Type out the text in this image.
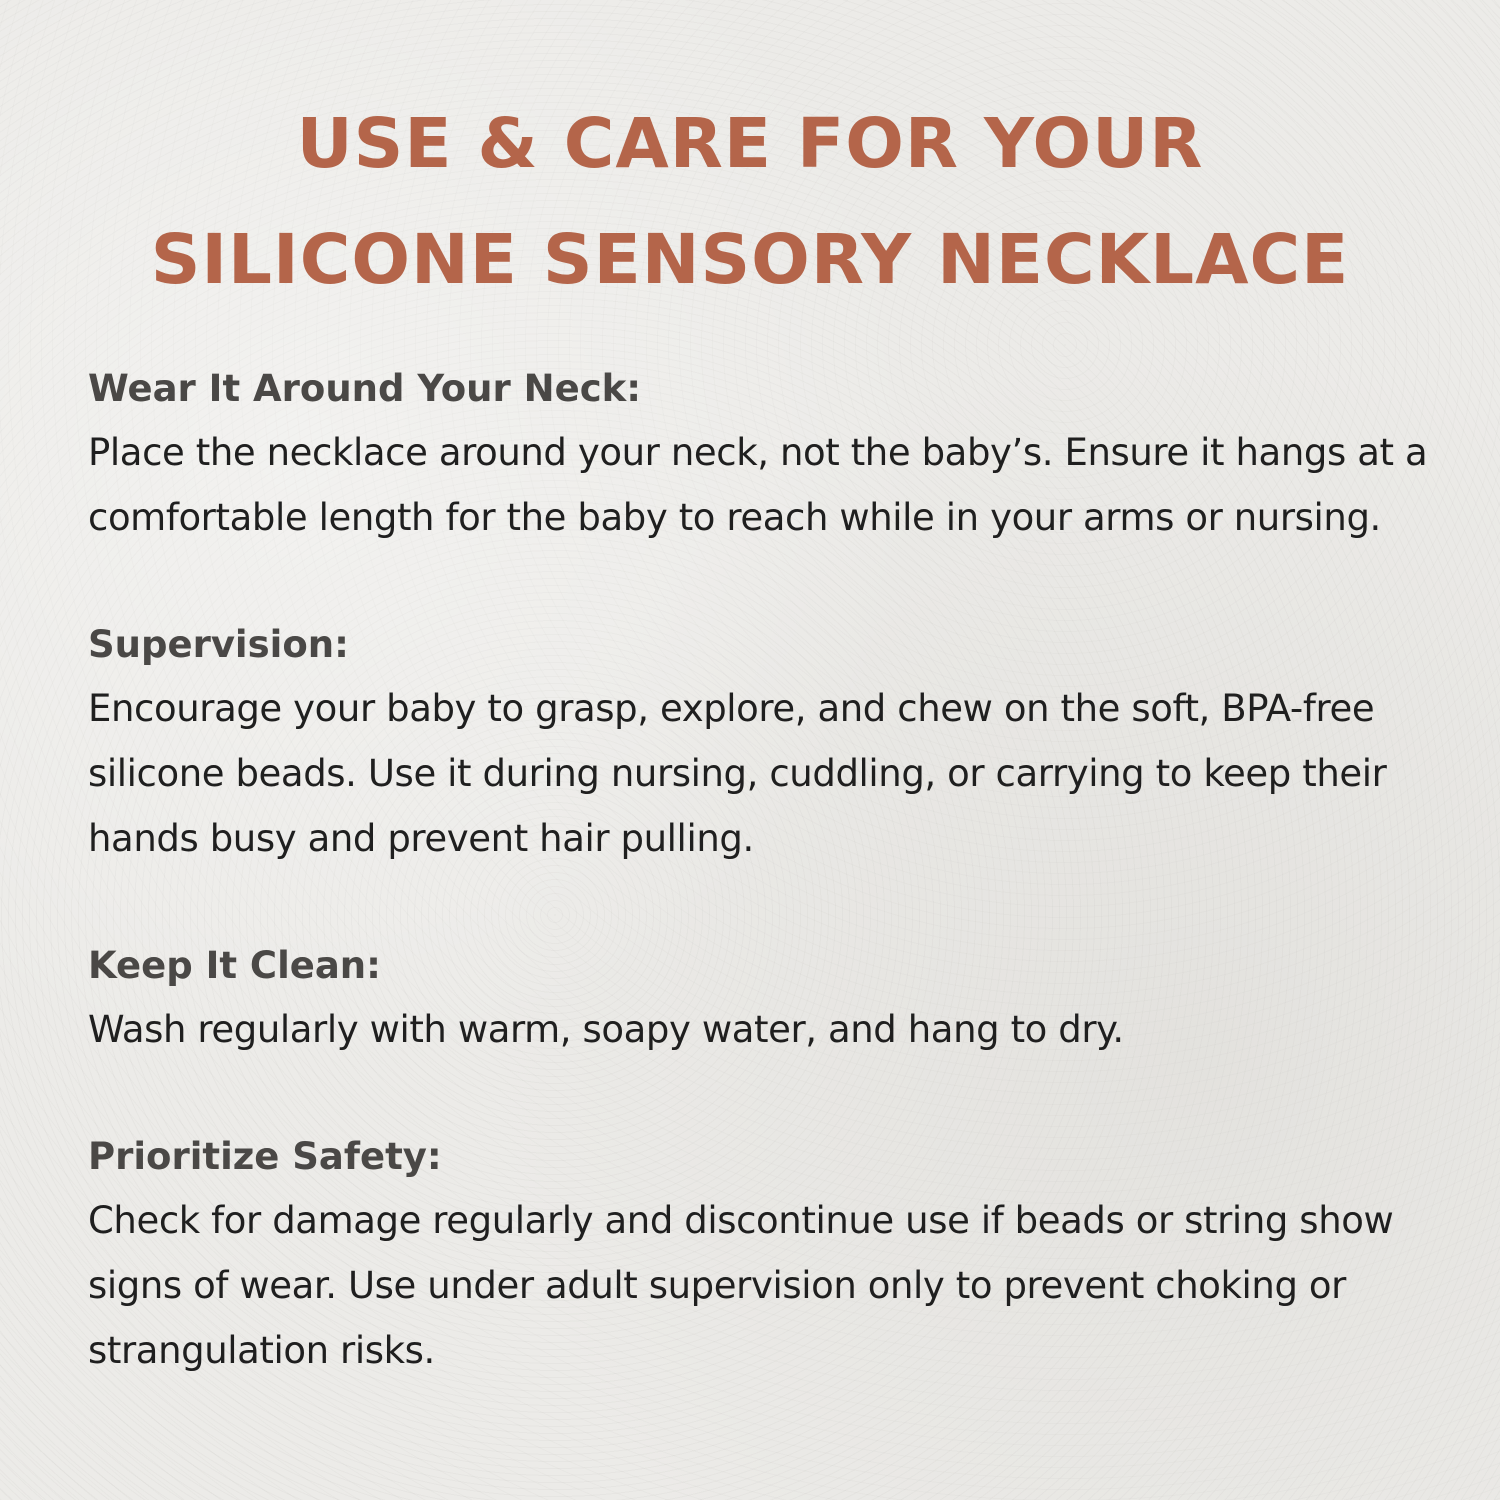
USE & CARE FOR YOUR
SILICONE SENSORY NECKLACE
Wear It Around Your Neck:
Place the necklace around your neck, not the baby’s. Ensure it hangs at a comfortable length for the baby to reach while in your arms or nursing.
Supervision:
Encourage your baby to grasp, explore, and chew on the soft, BPA-free silicone beads. Use it during nursing, cuddling, or carrying to keep their hands busy and prevent hair pulling.
Keep It Clean:
Wash regularly with warm, soapy water, and hang to dry.
Prioritize Safety:
Check for damage regularly and discontinue use if beads or string show signs of wear. Use under adult supervision only to prevent choking or strangulation risks.
